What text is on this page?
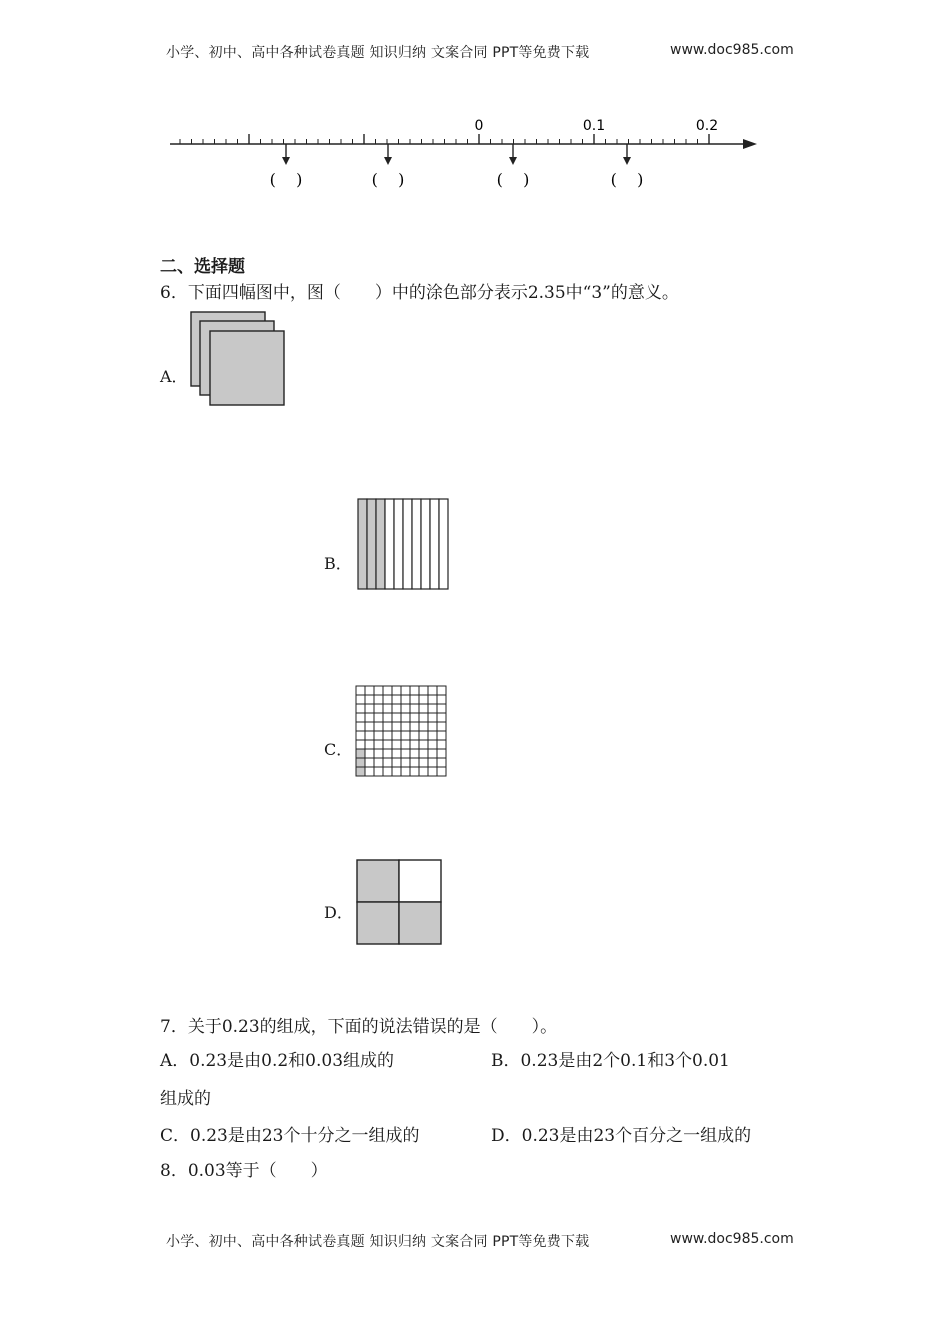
小学、初中、高中各种试卷真题 知识归纳 文案合同 PPT等免费下载	www.doc985.com
0	0.1	0.2
(    )	(    )	(    )	(    )
二、选择题
6．下面四幅图中，图（　　）中的涂色部分表示2.35中“3”的意义。
A．
B．
C．
D．
7．关于0.23的组成，下面的说法错误的是（　　）。
A．0.23是由0.2和0.03组成的	B．0.23是由2个0.1和3个0.01
组成的
C．0.23是由23个十分之一组成的	D．0.23是由23个百分之一组成的
8．0.03等于（　　）
小学、初中、高中各种试卷真题 知识归纳 文案合同 PPT等免费下载	www.doc985.com
